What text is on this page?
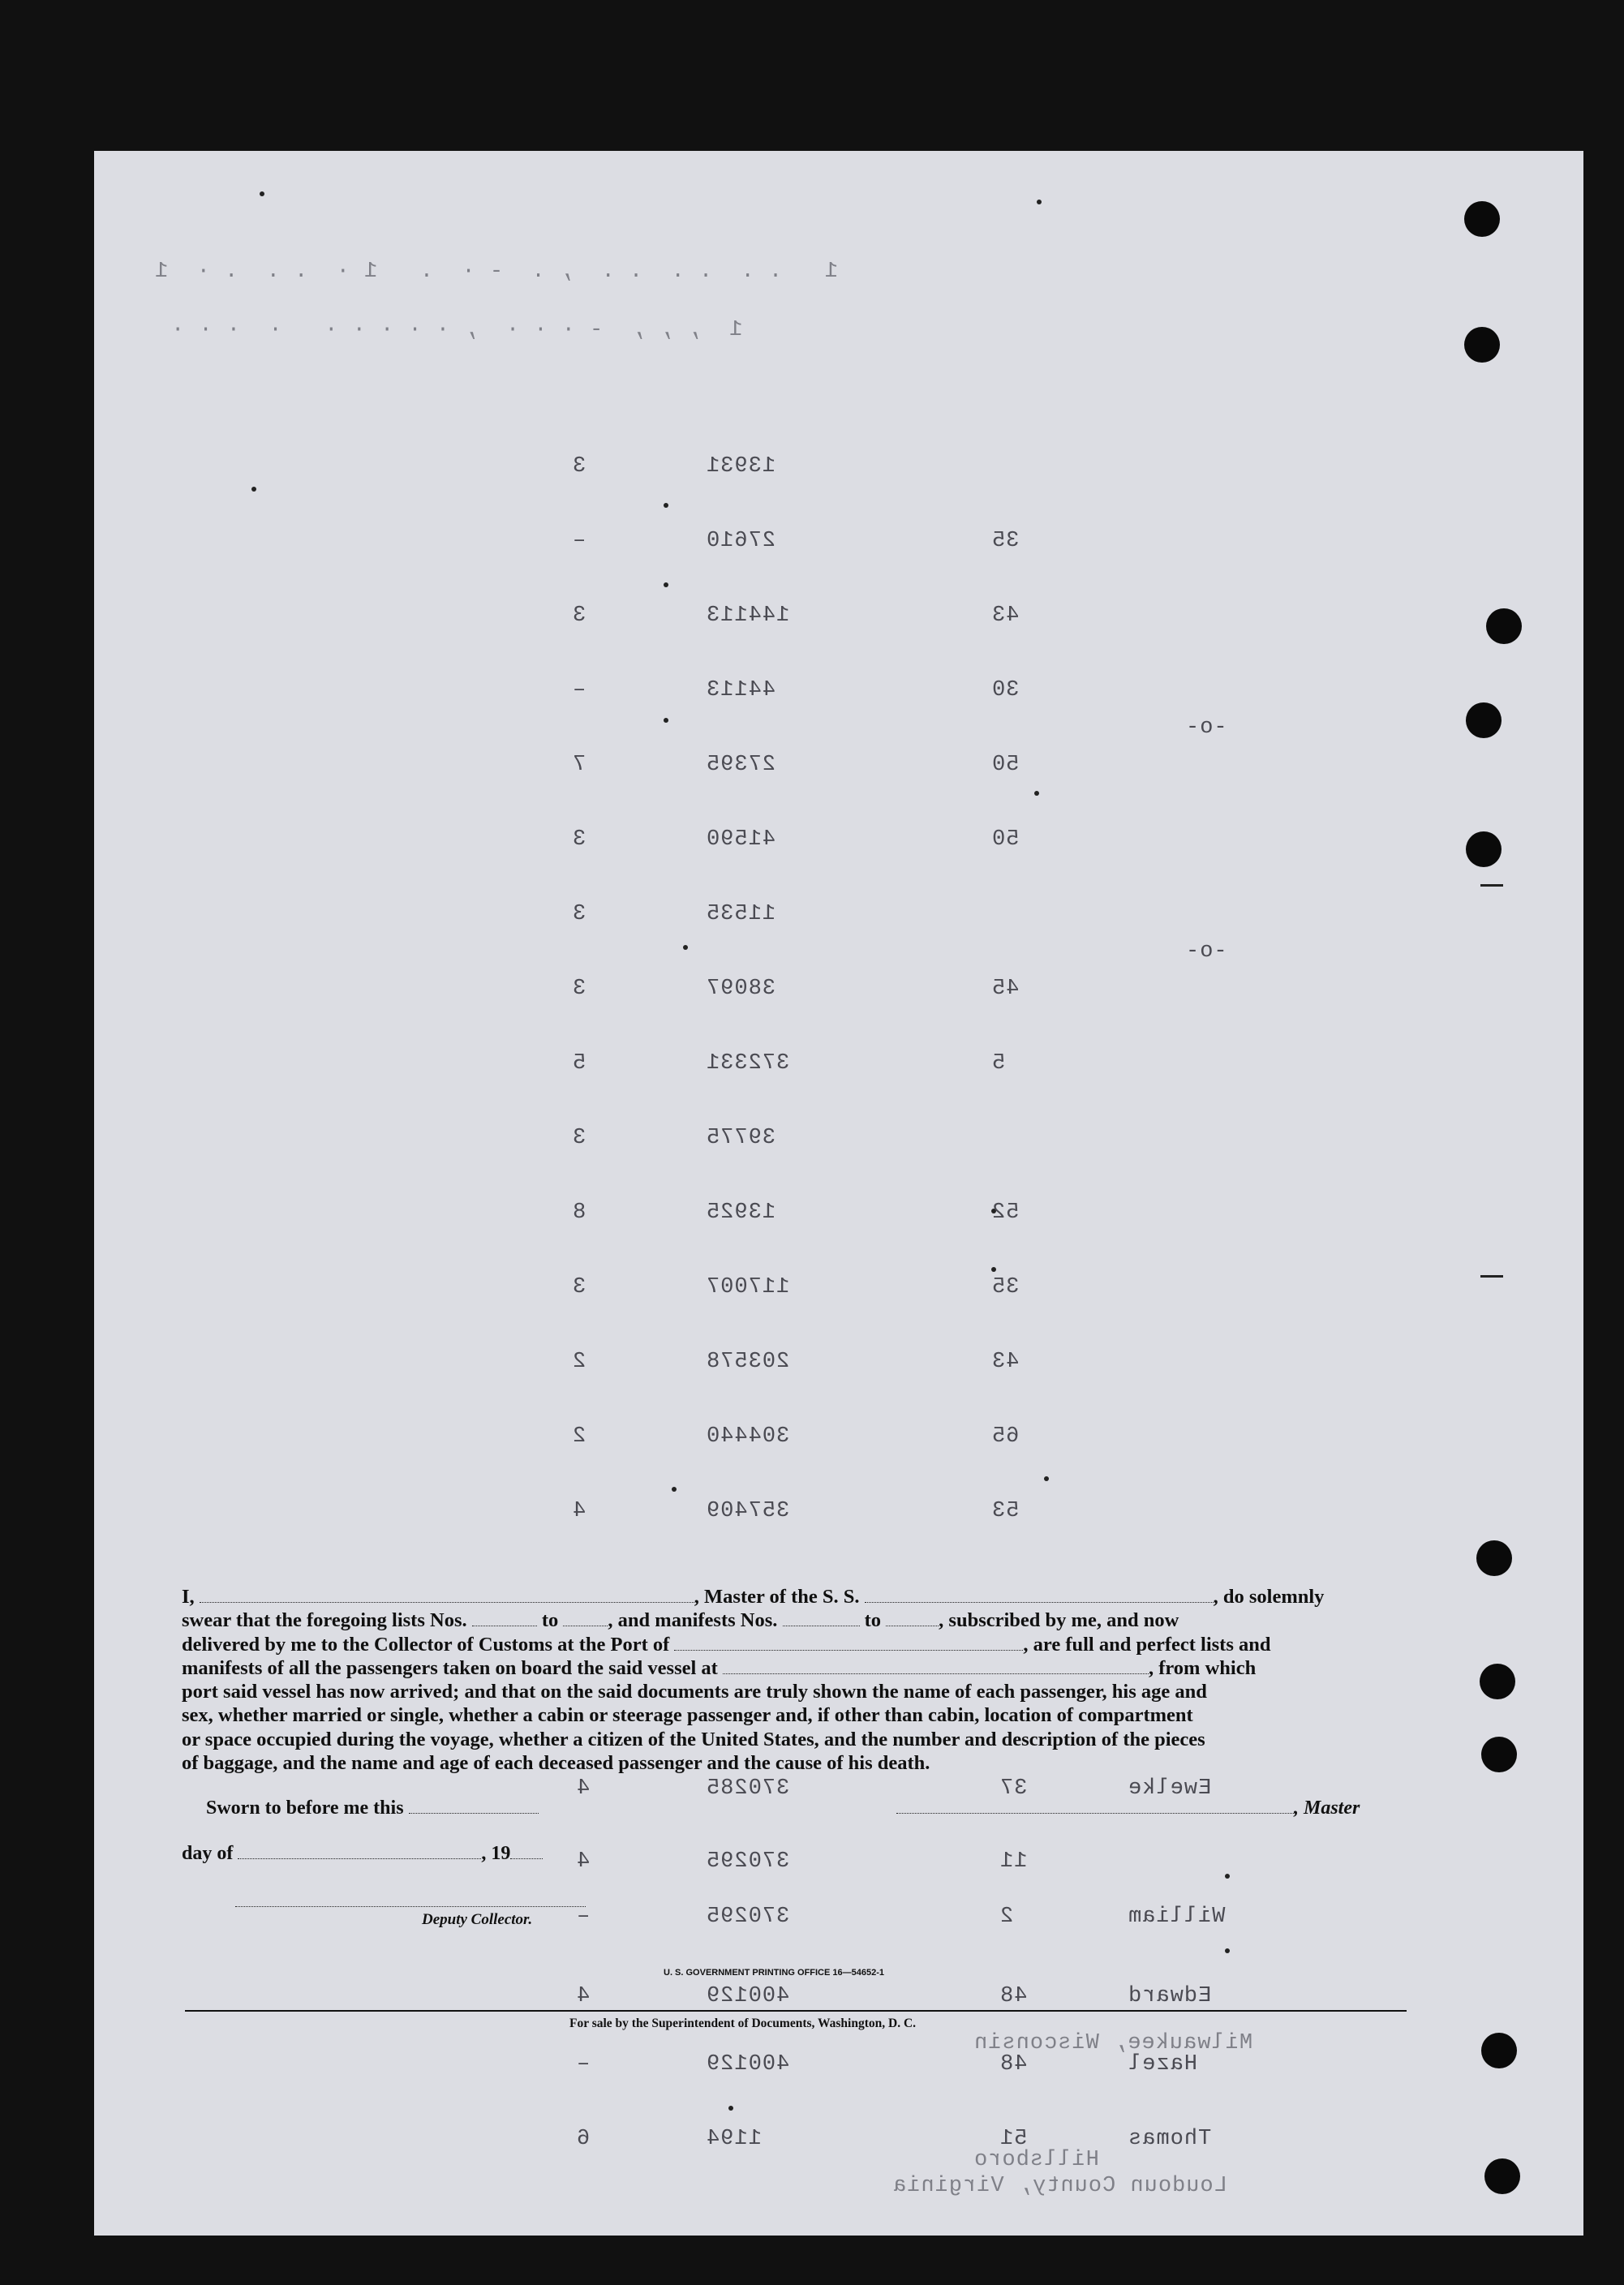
3	13931
–	27610	35
3	144113	43
–	44113	30
-o-
7	27395	50
3	41590	50
3	11535
-o-
3	38097	45
5	372331	5
3	39775
8	13925	52
3	117007	35
2	203578	43
2	304440	65
4	357409	53
4	370285	37	Ewelke
4	370295	11
–	370295	2	William
4	400129	48	Edward
–	400129	48	Hazel
6	1194	51	Thomas
Milwaukee, Wisconsin
Hillsboro
Loudoun County, Virginia
1   . .  . .  . .  , .  - ·  .   1 ·  . .  . ·  1
1  , , ,  - · · ·  , · · · · ·   ·  · · ·
I,	, Master of the S. S.	, do solemnly
swear that the foregoing lists Nos.	to , and manifests Nos.	to	, subscribed by me, and now
delivered by me to the Collector of Customs at the Port of	, are full and perfect lists and
manifests of all the passengers taken on board the said vessel at	, from which
port said vessel has now arrived; and that on the said documents are truly shown the name of each passenger, his age and
sex, whether married or single, whether a cabin or steerage passenger and, if other than cabin, location of compartment
or space occupied during the voyage, whether a citizen of the United States, and the number and description of the pieces
of baggage, and the name and age of each deceased passenger and the cause of his death.
Sworn to before me this	, Master
day of	, 19
Deputy Collector.
U. S. GOVERNMENT PRINTING OFFICE 16—54652-1
For sale by the Superintendent of Documents, Washington, D. C.
